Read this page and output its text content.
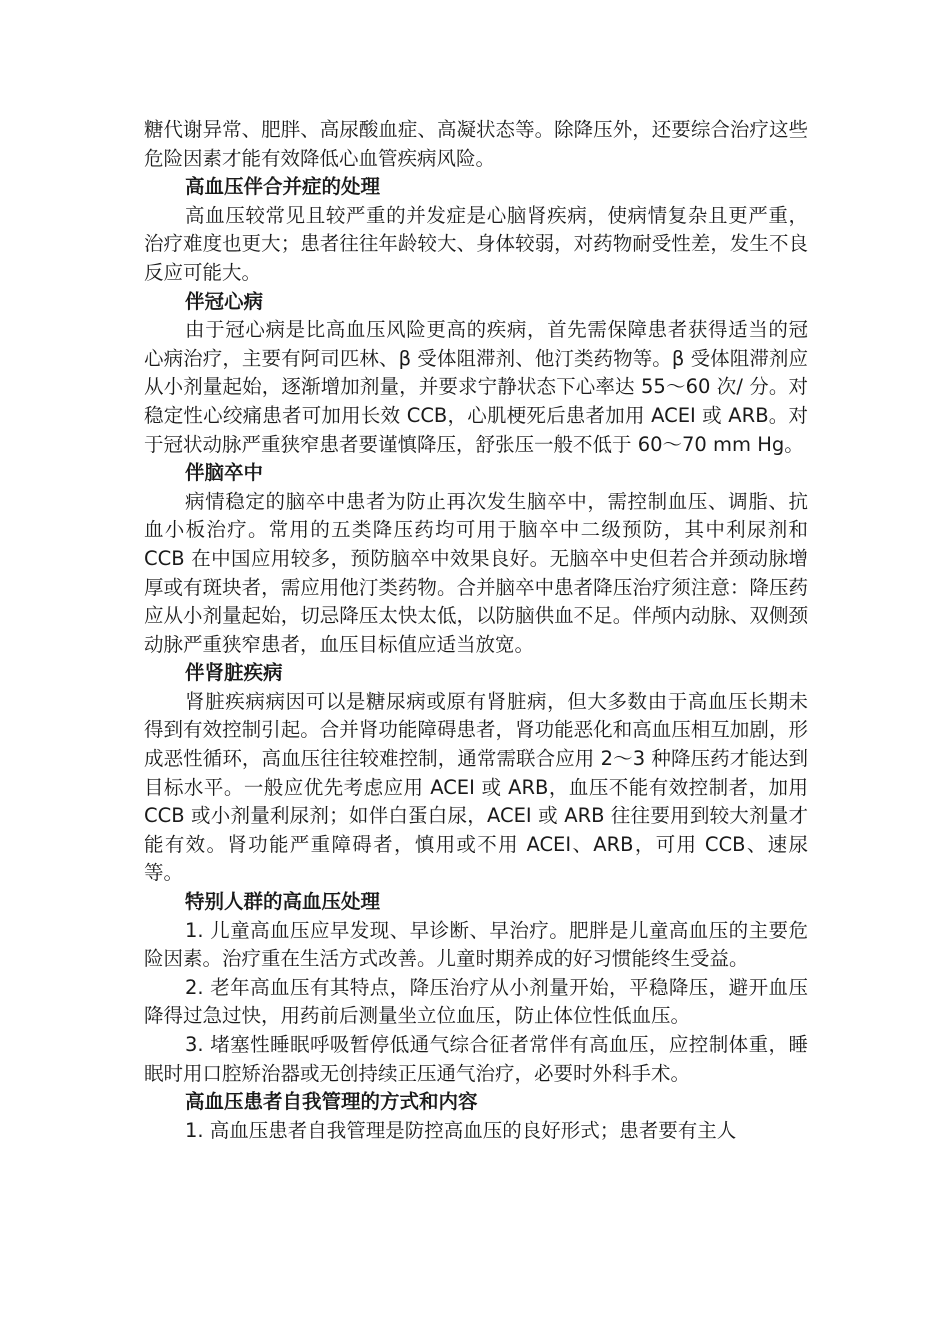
糖代谢异常、肥胖、高尿酸血症、高凝状态等。除降压外，还要综合治疗这些危险因素才能有效降低心血管疾病风险。

高血压伴合并症的处理

高血压较常见且较严重的并发症是心脑肾疾病，使病情复杂且更严重，治疗难度也更大；患者往往年龄较大、身体较弱，对药物耐受性差，发生不良反应可能大。

伴冠心病

由于冠心病是比高血压风险更高的疾病，首先需保障患者获得适当的冠心病治疗，主要有阿司匹林、β 受体阻滞剂、他汀类药物等。β 受体阻滞剂应从小剂量起始，逐渐增加剂量，并要求宁静状态下心率达 55～60 次/ 分。对稳定性心绞痛患者可加用长效 CCB，心肌梗死后患者加用 ACEI 或 ARB。对于冠状动脉严重狭窄患者要谨慎降压，舒张压一般不低于 60～70 mm Hg。

伴脑卒中

病情稳定的脑卒中患者为防止再次发生脑卒中，需控制血压、调脂、抗血小板治疗。常用的五类降压药均可用于脑卒中二级预防，其中利尿剂和 CCB 在中国应用较多，预防脑卒中效果良好。无脑卒中史但若合并颈动脉增厚或有斑块者，需应用他汀类药物。合并脑卒中患者降压治疗须注意：降压药应从小剂量起始，切忌降压太快太低，以防脑供血不足。伴颅内动脉、双侧颈动脉严重狭窄患者，血压目标值应适当放宽。

伴肾脏疾病

肾脏疾病病因可以是糖尿病或原有肾脏病，但大多数由于高血压长期未得到有效控制引起。合并肾功能障碍患者，肾功能恶化和高血压相互加剧，形成恶性循环，高血压往往较难控制，通常需联合应用 2～3 种降压药才能达到目标水平。一般应优先考虑应用 ACEI 或 ARB，血压不能有效控制者，加用 CCB 或小剂量利尿剂；如伴白蛋白尿，ACEI 或 ARB 往往要用到较大剂量才能有效。肾功能严重障碍者，慎用或不用 ACEI、ARB，可用 CCB、速尿等。

特别人群的高血压处理

1. 儿童高血压应早发现、早诊断、早治疗。肥胖是儿童高血压的主要危险因素。治疗重在生活方式改善。儿童时期养成的好习惯能终生受益。

2. 老年高血压有其特点，降压治疗从小剂量开始，平稳降压，避开血压降得过急过快，用药前后测量坐立位血压，防止体位性低血压。

3. 堵塞性睡眠呼吸暂停低通气综合征者常伴有高血压，应控制体重，睡眠时用口腔矫治器或无创持续正压通气治疗，必要时外科手术。

高血压患者自我管理的方式和内容

1. 高血压患者自我管理是防控高血压的良好形式；患者要有主人
